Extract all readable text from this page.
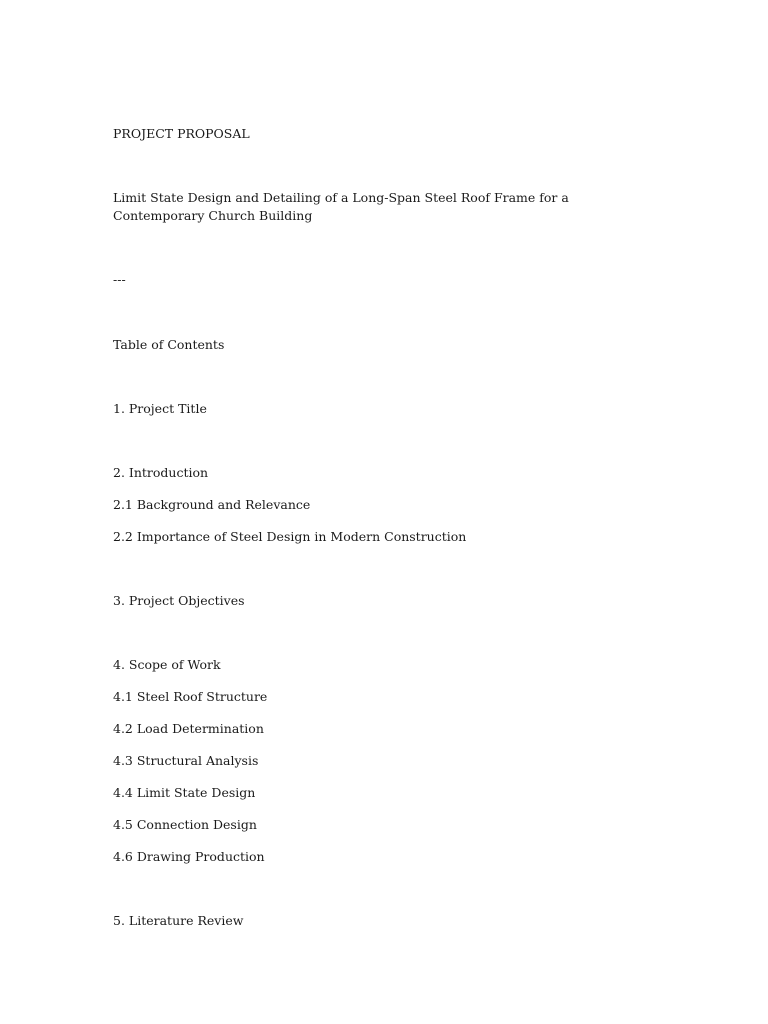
PROJECT PROPOSAL

Limit State Design and Detailing of a Long-Span Steel Roof Frame for a Contemporary Church Building

---

Table of Contents

1. Project Title

2. Introduction

2.1 Background and Relevance

2.2 Importance of Steel Design in Modern Construction

3. Project Objectives

4. Scope of Work

4.1 Steel Roof Structure

4.2 Load Determination

4.3 Structural Analysis

4.4 Limit State Design

4.5 Connection Design

4.6 Drawing Production

5. Literature Review
